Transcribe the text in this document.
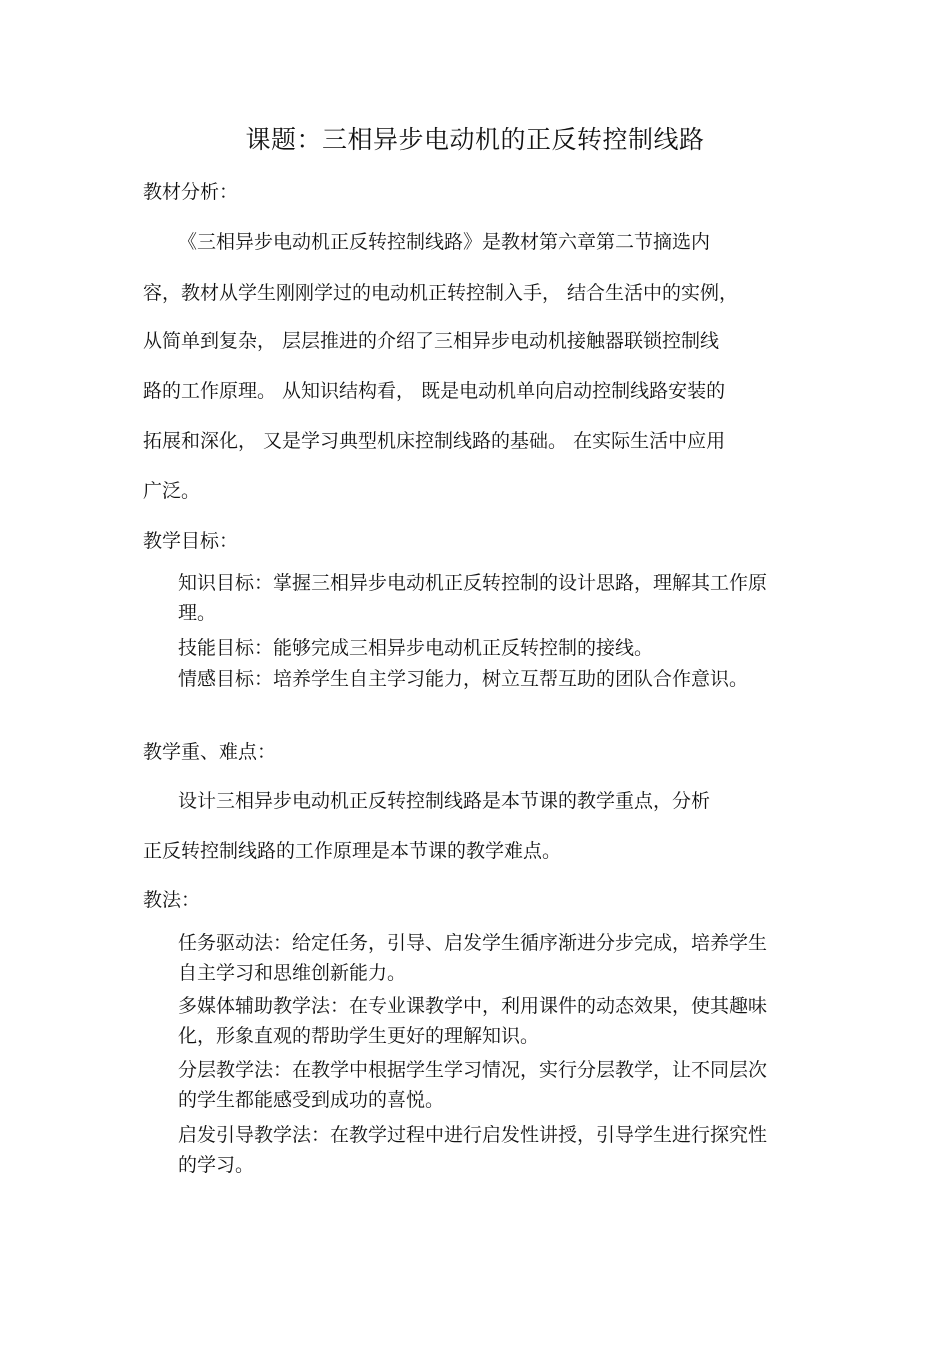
课题：三相异步电动机的正反转控制线路
教材分析：

《三相异步电动机正反转控制线路》是教材第六章第二节摘选内

容，教材从学生刚刚学过的电动机正转控制入手， 结合生活中的实例，

从简单到复杂， 层层推进的介绍了三相异步电动机接触器联锁控制线

路的工作原理。 从知识结构看， 既是电动机单向启动控制线路安装的

拓展和深化， 又是学习典型机床控制线路的基础。 在实际生活中应用

广泛。

教学目标：

知识目标：掌握三相异步电动机正反转控制的设计思路，理解其工作原理。

技能目标：能够完成三相异步电动机正反转控制的接线。

情感目标：培养学生自主学习能力，树立互帮互助的团队合作意识。

教学重、难点：

设计三相异步电动机正反转控制线路是本节课的教学重点，分析

正反转控制线路的工作原理是本节课的教学难点。

教法：

任务驱动法：给定任务，引导、启发学生循序渐进分步完成，培养学生自主学习和思维创新能力。

多媒体辅助教学法：在专业课教学中，利用课件的动态效果，使其趣味化，形象直观的帮助学生更好的理解知识。

分层教学法：在教学中根据学生学习情况，实行分层教学，让不同层次的学生都能感受到成功的喜悦。

启发引导教学法：在教学过程中进行启发性讲授，引导学生进行探究性的学习。
